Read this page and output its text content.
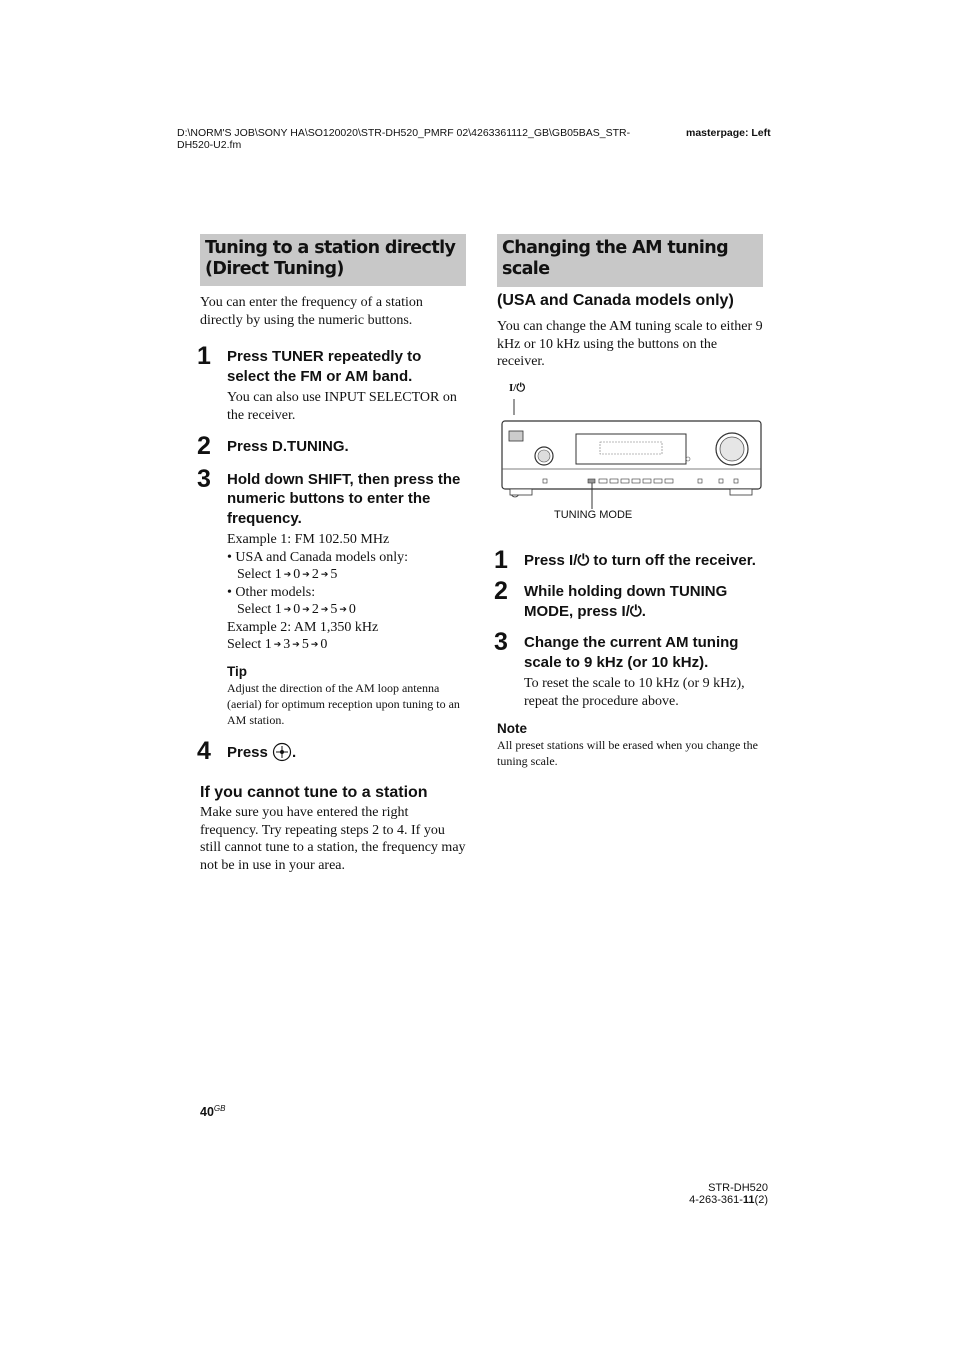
D:\NORM'S JOB\SONY HA\SO120020\STR-DH520_PMRF 02\4263361112_GB\GB05BAS_STR-
DH520-U2.fm
masterpage: Left
Tuning to a station directly
(Direct Tuning)

You can enter the frequency of a station directly by using the numeric buttons.

1 Press TUNER repeatedly to select the FM or AM band.

You can also use INPUT SELECTOR on the receiver.

2 Press D.TUNING.
3 Hold down SHIFT, then press the numeric buttons to enter the frequency.
Example 1: FM 102.50 MHz
• USA and Canada models only:
Select 1 ➔ 0 ➔ 2 ➔ 5
• Other models:
Select 1 ➔ 0 ➔ 2 ➔ 5 ➔ 0
Example 2: AM 1,350 kHz
Select 1 ➔ 3 ➔ 5 ➔ 0
Tip
Adjust the direction of the AM loop antenna (aerial) for optimum reception upon tuning to an AM station.
4 Press .
If you cannot tune to a station

Make sure you have entered the right frequency. Try repeating steps 2 to 4. If you still cannot tune to a station, the frequency may not be in use in your area.

Changing the AM tuning scale
(USA and Canada models only)

You can change the AM tuning scale to either 9 kHz or 10 kHz using the buttons on the receiver.

I/⏻
TUNING MODE
1 Press I/⏻ to turn off the receiver.
2 While holding down TUNING MODE, press I/⏻.
3 Change the current AM tuning scale to 9 kHz (or 10 kHz).

To reset the scale to 10 kHz (or 9 kHz), repeat the procedure above.

Note
All preset stations will be erased when you change the tuning scale.
$40^{GB}$
STR-DH520
4-263-361-11(2)
